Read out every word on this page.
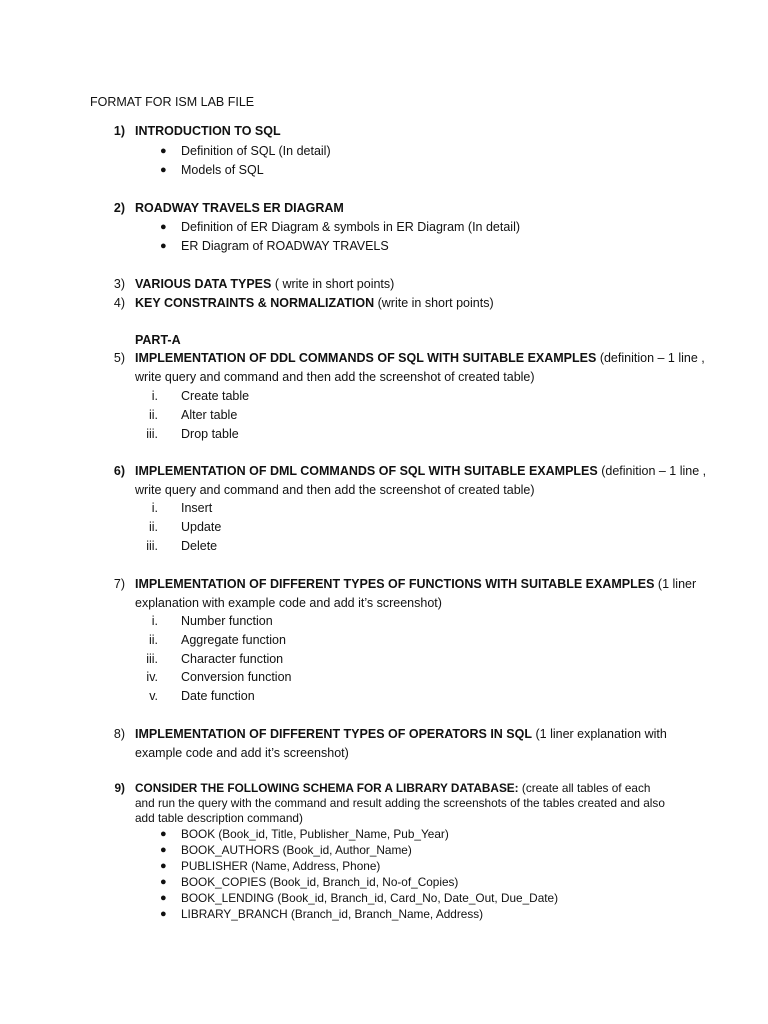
FORMAT FOR ISM LAB FILE
1) INTRODUCTION TO SQL
● Definition of SQL (In detail)
● Models of SQL
2) ROADWAY TRAVELS ER DIAGRAM
● Definition of ER Diagram & symbols in ER Diagram (In detail)
● ER Diagram of ROADWAY TRAVELS
3) VARIOUS DATA TYPES ( write in short points)
4) KEY CONSTRAINTS & NORMALIZATION (write in short points)
PART-A
5) IMPLEMENTATION OF DDL COMMANDS OF SQL WITH SUITABLE EXAMPLES (definition – 1 line ,
write query and command and then add the screenshot of created table)
i. Create table
ii. Alter table
iii. Drop table
6) IMPLEMENTATION OF DML COMMANDS OF SQL WITH SUITABLE EXAMPLES (definition – 1 line ,
write query and command and then add the screenshot of created table)
i. Insert
ii. Update
iii. Delete
7) IMPLEMENTATION OF DIFFERENT TYPES OF FUNCTIONS WITH SUITABLE EXAMPLES (1 liner
explanation with example code and add it’s screenshot)
i. Number function
ii. Aggregate function
iii. Character function
iv. Conversion function
v. Date function
8) IMPLEMENTATION OF DIFFERENT TYPES OF OPERATORS IN SQL (1 liner explanation with
example code and add it’s screenshot)
9) CONSIDER THE FOLLOWING SCHEMA FOR A LIBRARY DATABASE: (create all tables of each
and run the query with the command and result adding the screenshots of the tables created and also
add table description command)
● BOOK (Book_id, Title, Publisher_Name, Pub_Year)
● BOOK_AUTHORS (Book_id, Author_Name)
● PUBLISHER (Name, Address, Phone)
● BOOK_COPIES (Book_id, Branch_id, No-of_Copies)
● BOOK_LENDING (Book_id, Branch_id, Card_No, Date_Out, Due_Date)
● LIBRARY_BRANCH (Branch_id, Branch_Name, Address)
